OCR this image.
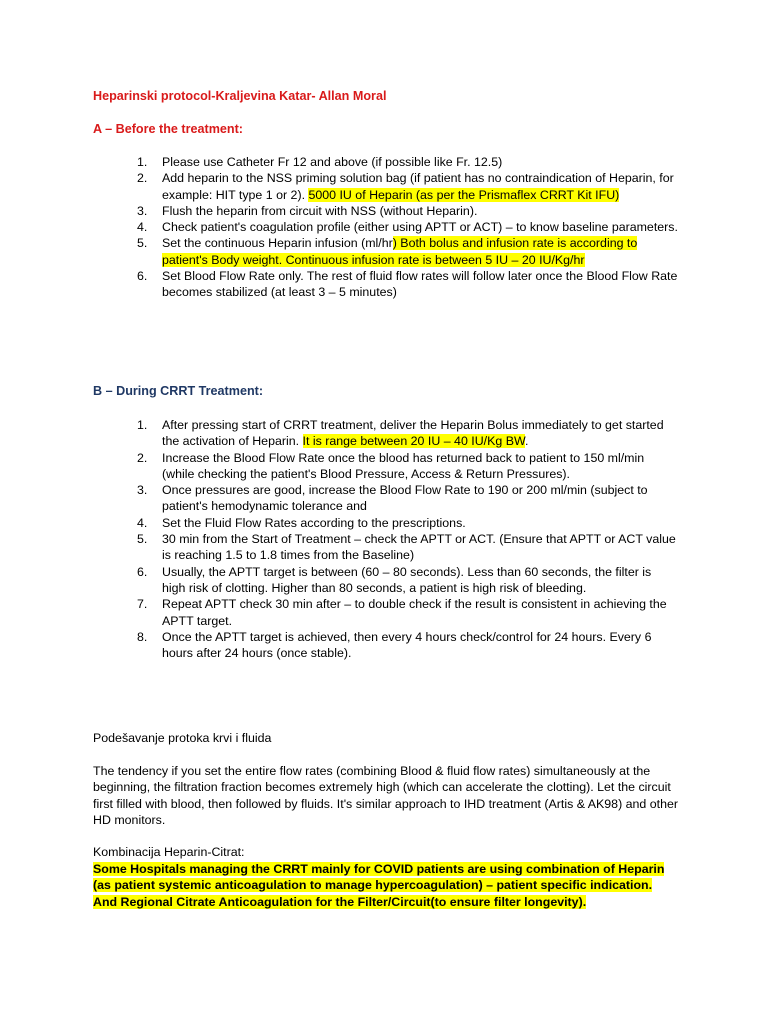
Heparinski protocol-Kraljevina Katar- Allan Moral
A – Before the treatment:
1. Please use Catheter Fr 12 and above (if possible like Fr. 12.5)
2. Add heparin to the NSS priming solution bag (if patient has no contraindication of Heparin, for example: HIT type 1 or 2). 5000 IU of Heparin (as per the Prismaflex CRRT Kit IFU)
3. Flush the heparin from circuit with NSS (without Heparin).
4. Check patient's coagulation profile (either using APTT or ACT) – to know baseline parameters.
5. Set the continuous Heparin infusion (ml/hr) Both bolus and infusion rate is according to patient's Body weight. Continuous infusion rate is between 5 IU – 20 IU/Kg/hr
6. Set Blood Flow Rate only. The rest of fluid flow rates will follow later once the Blood Flow Rate becomes stabilized (at least 3 – 5 minutes)
B – During CRRT Treatment:
1. After pressing start of CRRT treatment, deliver the Heparin Bolus immediately to get started the activation of Heparin. It is range between 20 IU – 40 IU/Kg BW.
2. Increase the Blood Flow Rate once the blood has returned back to patient to 150 ml/min (while checking the patient's Blood Pressure, Access & Return Pressures).
3. Once pressures are good, increase the Blood Flow Rate to 190 or 200 ml/min (subject to patient's hemodynamic tolerance and
4. Set the Fluid Flow Rates according to the prescriptions.
5. 30 min from the Start of Treatment – check the APTT or ACT. (Ensure that APTT or ACT value is reaching 1.5 to 1.8 times from the Baseline)
6. Usually, the APTT target is between (60 – 80 seconds). Less than 60 seconds, the filter is high risk of clotting. Higher than 80 seconds, a patient is high risk of bleeding.
7. Repeat APTT check 30 min after – to double check if the result is consistent in achieving the APTT target.
8. Once the APTT target is achieved, then every 4 hours check/control for 24 hours. Every 6 hours after 24 hours (once stable).
Podešavanje protoka krvi i fluida
The tendency if you set the entire flow rates (combining Blood & fluid flow rates) simultaneously at the beginning, the filtration fraction becomes extremely high (which can accelerate the clotting). Let the circuit first filled with blood, then followed by fluids. It's similar approach to IHD treatment (Artis & AK98) and other HD monitors.
Kombinacija Heparin-Citrat:
Some Hospitals managing the CRRT mainly for COVID patients are using combination of Heparin (as patient systemic anticoagulation to manage hypercoagulation) – patient specific indication. And Regional Citrate Anticoagulation for the Filter/Circuit(to ensure filter longevity).
